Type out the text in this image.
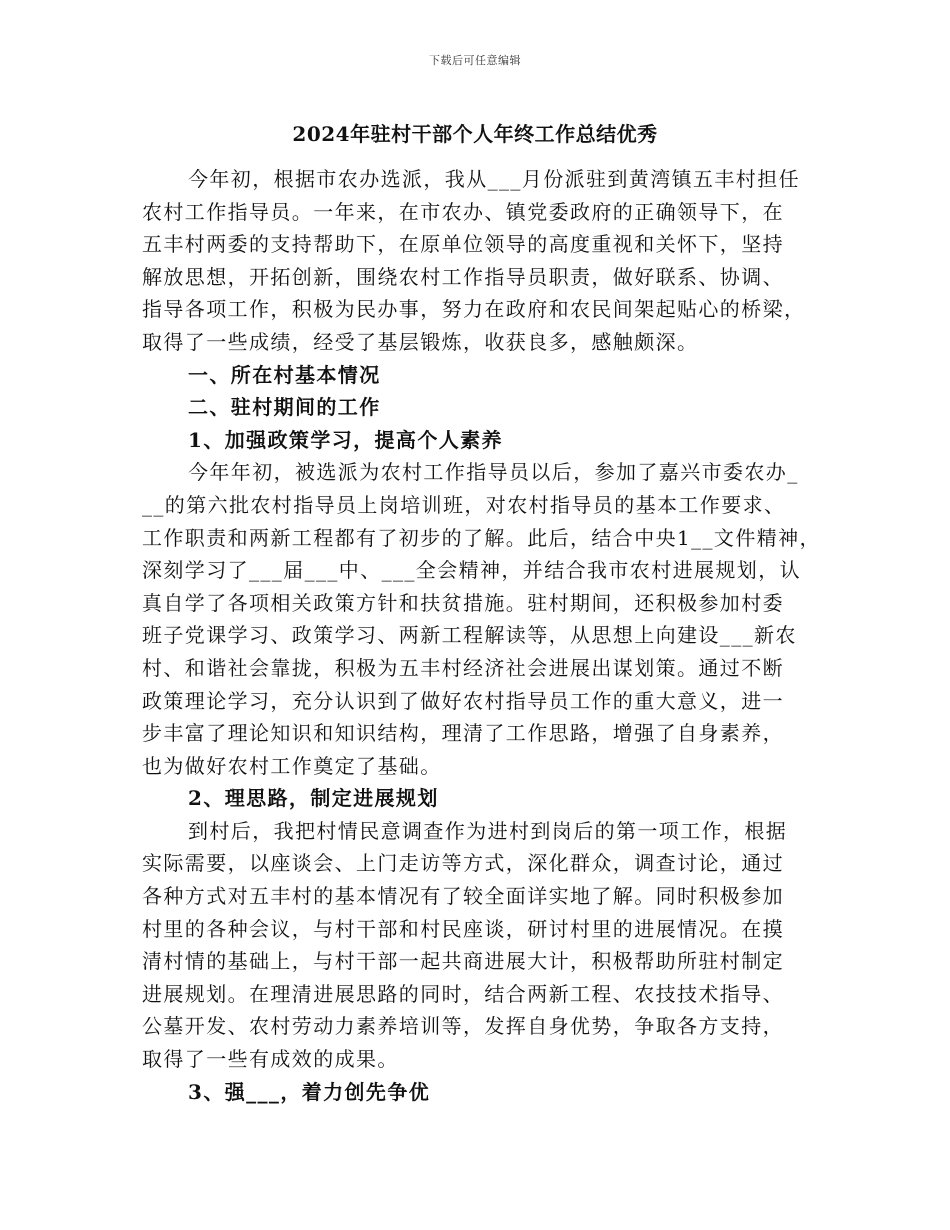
下载后可任意编辑
2024年驻村干部个人年终工作总结优秀
今年初，根据市农办选派，我从___月份派驻到黄湾镇五丰村担任
农村工作指导员。一年来，在市农办、镇党委政府的正确领导下，在
五丰村两委的支持帮助下，在原单位领导的高度重视和关怀下，坚持
解放思想，开拓创新，围绕农村工作指导员职责，做好联系、协调、
指导各项工作，积极为民办事，努力在政府和农民间架起贴心的桥梁，
取得了一些成绩，经受了基层锻炼，收获良多，感触颇深。
一、所在村基本情况
二、驻村期间的工作
1、加强政策学习，提高个人素养
今年年初，被选派为农村工作指导员以后，参加了嘉兴市委农办_
__的第六批农村指导员上岗培训班，对农村指导员的基本工作要求、
工作职责和两新工程都有了初步的了解。此后，结合中央1__文件精神，
深刻学习了___届___中、___全会精神，并结合我市农村进展规划，认
真自学了各项相关政策方针和扶贫措施。驻村期间，还积极参加村委
班子党课学习、政策学习、两新工程解读等，从思想上向建设___新农
村、和谐社会靠拢，积极为五丰村经济社会进展出谋划策。通过不断
政策理论学习，充分认识到了做好农村指导员工作的重大意义，进一
步丰富了理论知识和知识结构，理清了工作思路，增强了自身素养，
也为做好农村工作奠定了基础。
2、理思路，制定进展规划
到村后，我把村情民意调查作为进村到岗后的第一项工作，根据
实际需要，以座谈会、上门走访等方式，深化群众，调查讨论，通过
各种方式对五丰村的基本情况有了较全面详实地了解。同时积极参加
村里的各种会议，与村干部和村民座谈，研讨村里的进展情况。在摸
清村情的基础上，与村干部一起共商进展大计，积极帮助所驻村制定
进展规划。在理清进展思路的同时，结合两新工程、农技技术指导、
公墓开发、农村劳动力素养培训等，发挥自身优势，争取各方支持，
取得了一些有成效的成果。
3、强___，着力创先争优
